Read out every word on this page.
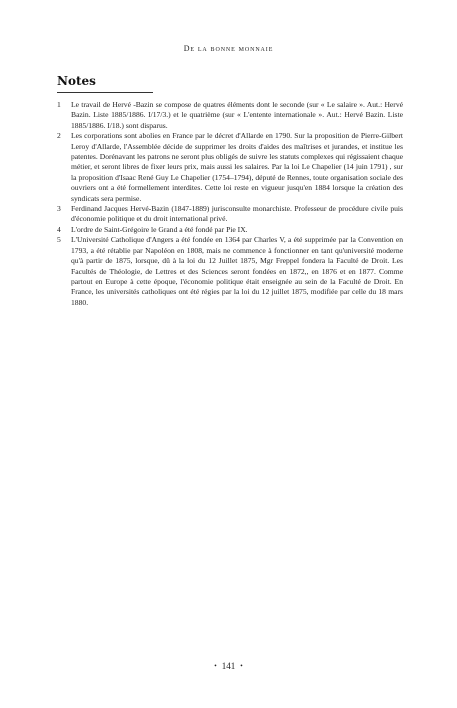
De la bonne monnaie
Notes
1	Le travail de Hervé -Bazin se compose de quatres éléments dont le seconde (sur « Le salaire ». Aut.: Hervé Bazin. Liste 1885/1886. I/17/3.) et le quatrième (sur « L'entente internationale ». Aut.: Hervé Bazin. Liste 1885/1886. I/18.) sont disparus.
2	Les corporations sont abolies en France par le décret d'Allarde en 1790. Sur la proposition de Pierre-Gilbert Leroy d'Allarde, l'Assemblée décide de supprimer les droits d'aides des maîtrises et jurandes, et institue les patentes. Dorénavant les patrons ne seront plus obligés de suivre les statuts complexes qui régissaient chaque métier, et seront libres de fixer leurs prix, mais aussi les salaires. Par la loi Le Chapelier (14 juin 1791) , sur la proposition d'Isaac René Guy Le Chapelier (1754–1794), député de Rennes, toute organisation sociale des ouvriers ont a été formellement interdites. Cette loi reste en vigueur jusqu'en 1884 lorsque la création des syndicats sera permise.
3	Ferdinand Jacques Hervé-Bazin (1847-1889) jurisconsulte monarchiste. Professeur de procédure civile puis d'économie politique et du droit international privé.
4	L'ordre de Saint-Grégoire le Grand a été fondé par Pie IX.
5	L'Université Catholique d'Angers a été fondée en 1364 par Charles V, a été supprimée par la Convention en 1793, a été rétablie par Napoléon en 1808, mais ne commence à fonctionner en tant qu'université moderne qu'à partir de 1875, lorsque, dû à la loi du 12 Juillet 1875, Mgr Freppel fondera la Faculté de Droit. Les Facultés de Théologie, de Lettres et des Sciences seront fondées en 1872,, en 1876 et en 1877. Comme partout en Europe à cette époque, l'économie politique était enseignée au sein de la Faculté de Droit. En France, les universités catholiques ont été régies par la loi du 12 juillet 1875, modifiée par celle du 18 mars 1880.
• 141 •
